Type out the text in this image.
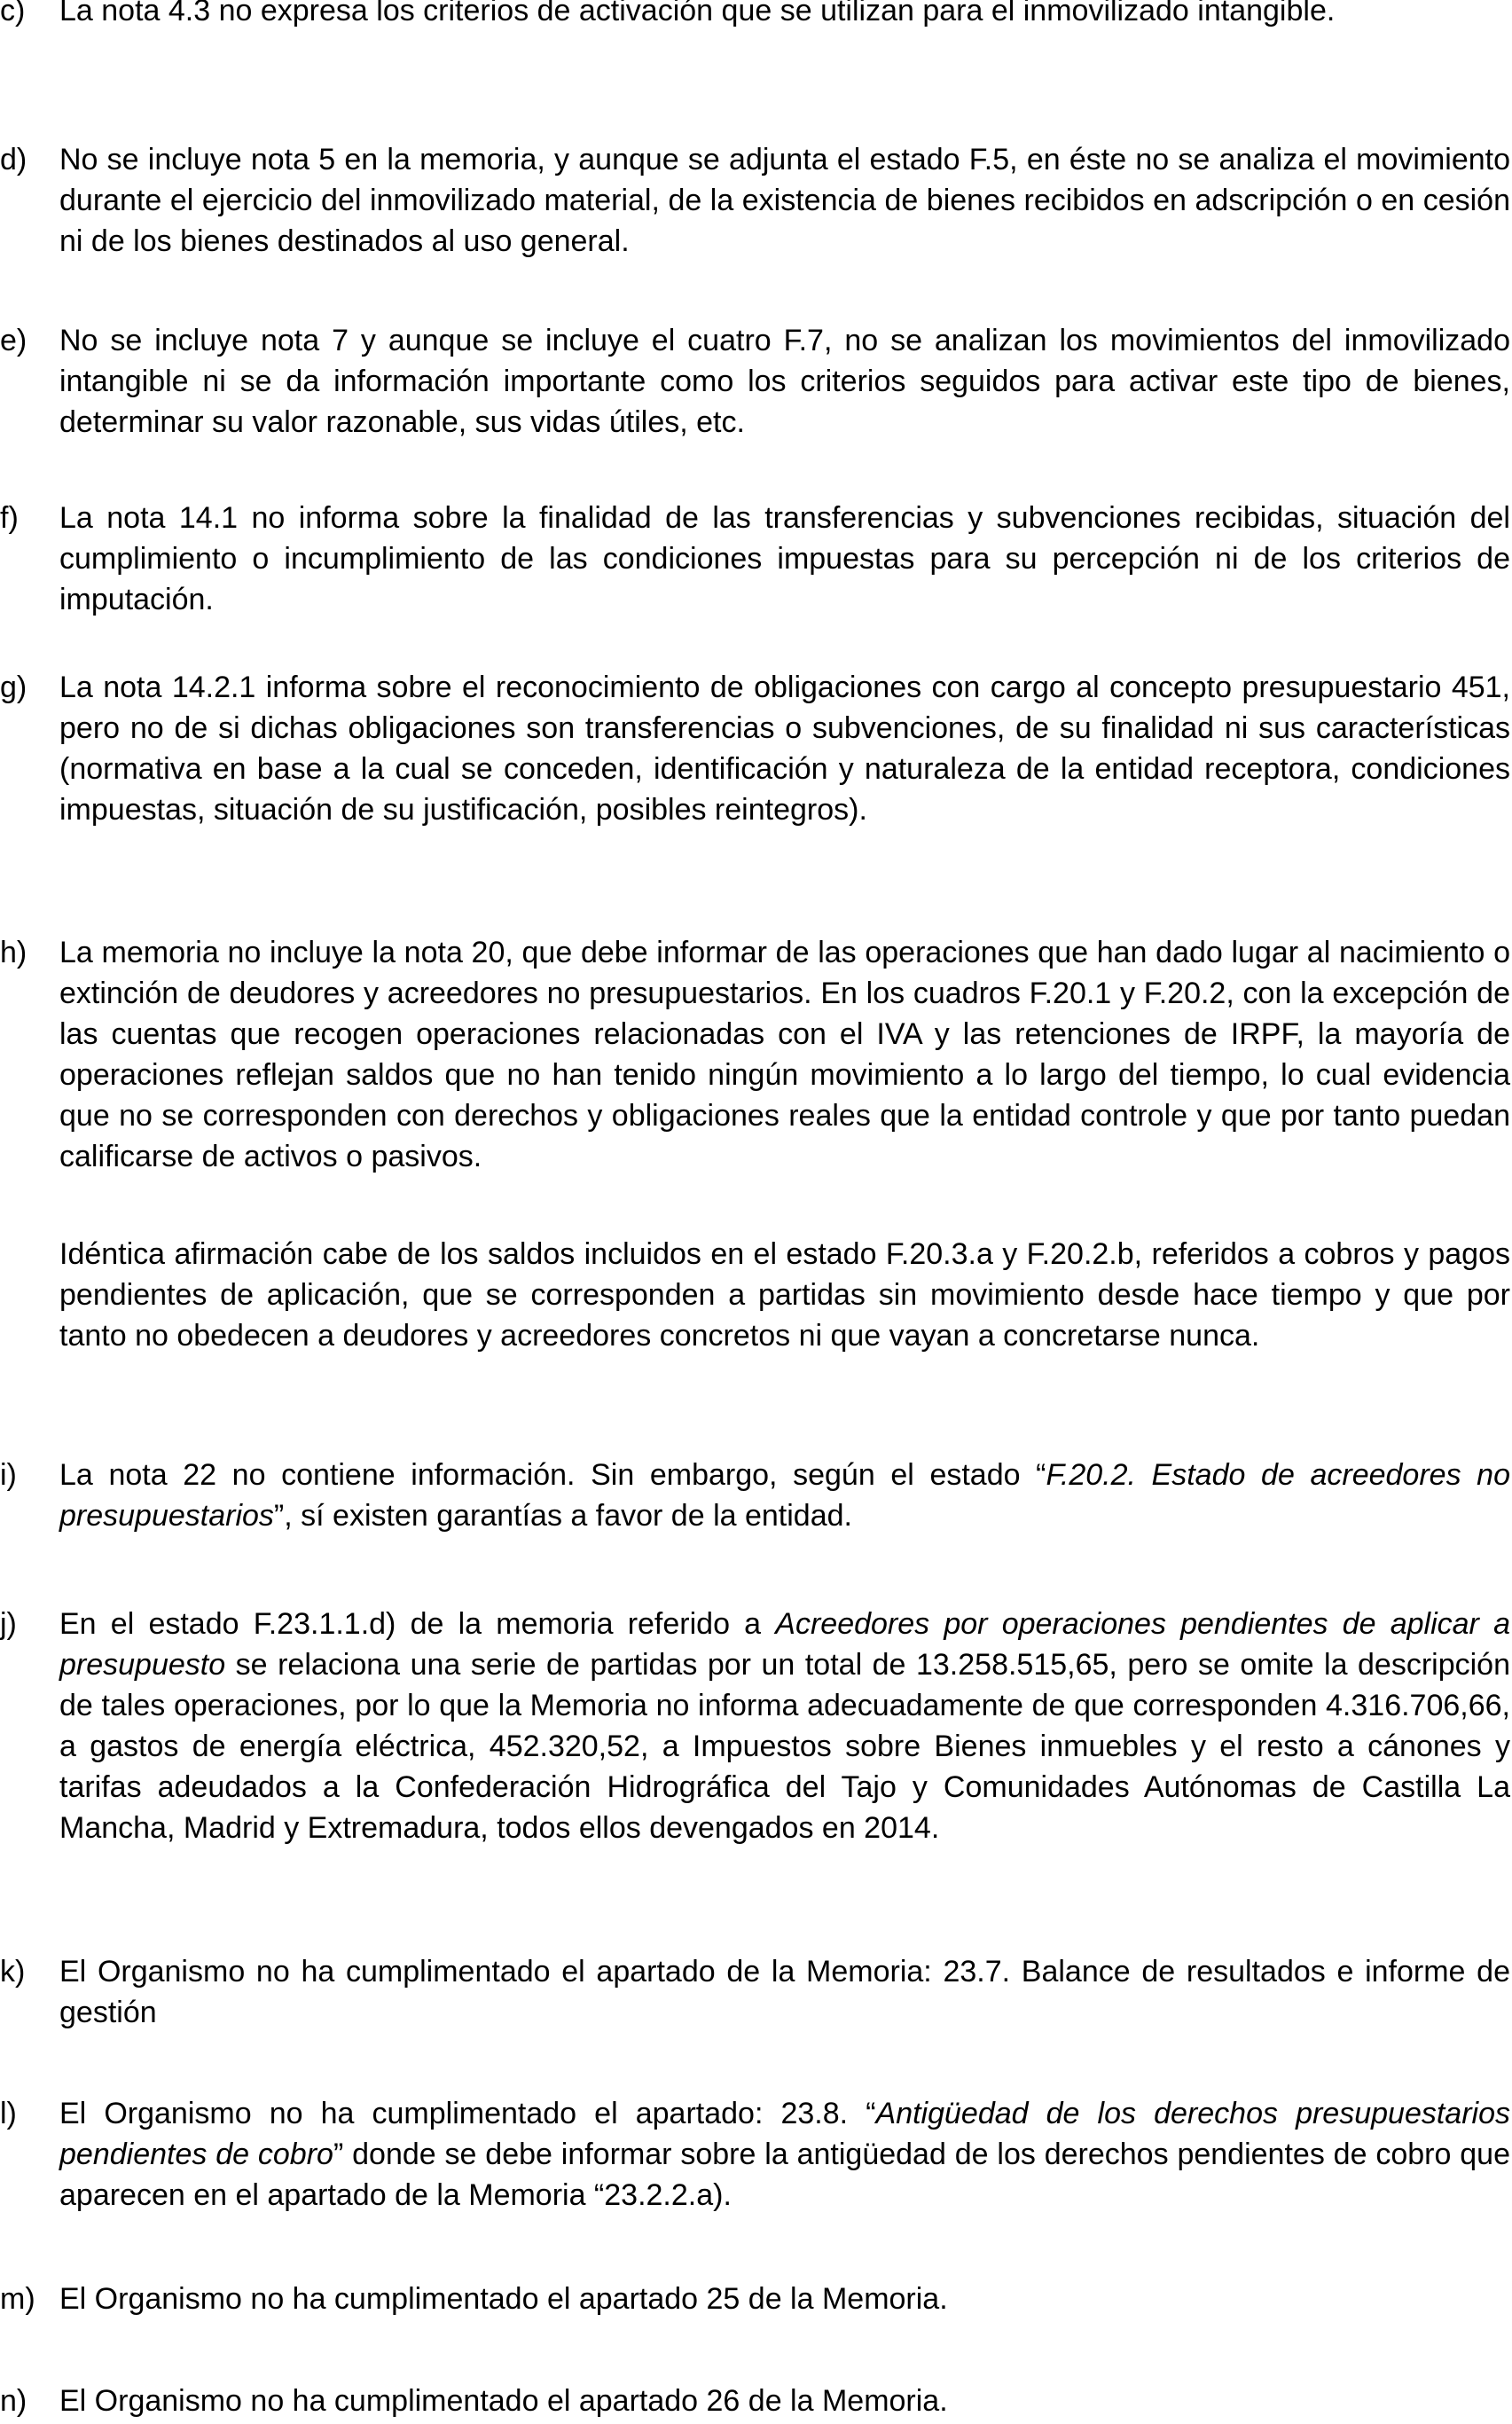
c) La nota 4.3 no expresa los criterios de activación que se utilizan para el inmovilizado intangible.

d) No se incluye nota 5 en la memoria, y aunque se adjunta el estado F.5, en éste no se analiza el movimiento durante el ejercicio del inmovilizado material, de la existencia de bienes recibidos en adscripción o en cesión ni de los bienes destinados al uso general.

e) No se incluye nota 7 y aunque se incluye el cuatro F.7, no se analizan los movimientos del inmovilizado intangible ni se da información importante como los criterios seguidos para activar este tipo de bienes, determinar su valor razonable, sus vidas útiles, etc.

f) La nota 14.1 no informa sobre la finalidad de las transferencias y subvenciones recibidas, situación del cumplimiento o incumplimiento de las condiciones impuestas para su percepción ni de los criterios de imputación.

g) La nota 14.2.1 informa sobre el reconocimiento de obligaciones con cargo al concepto presupuestario 451, pero no de si dichas obligaciones son transferencias o subvenciones, de su finalidad ni sus características (normativa en base a la cual se conceden, identificación y naturaleza de la entidad receptora, condiciones impuestas, situación de su justificación, posibles reintegros).

h) La memoria no incluye la nota 20, que debe informar de las operaciones que han dado lugar al nacimiento o extinción de deudores y acreedores no presupuestarios. En los cuadros F.20.1 y F.20.2, con la excepción de las cuentas que recogen operaciones relacionadas con el IVA y las retenciones de IRPF, la mayoría de operaciones reflejan saldos que no han tenido ningún movimiento a lo largo del tiempo, lo cual evidencia que no se corresponden con derechos y obligaciones reales que la entidad controle y que por tanto puedan calificarse de activos o pasivos.

Idéntica afirmación cabe de los saldos incluidos en el estado F.20.3.a y F.20.2.b, referidos a cobros y pagos pendientes de aplicación, que se corresponden a partidas sin movimiento desde hace tiempo y que por tanto no obedecen a deudores y acreedores concretos ni que vayan a concretarse nunca.

i) La nota 22 no contiene información. Sin embargo, según el estado “F.20.2. Estado de acreedores no presupuestarios”, sí existen garantías a favor de la entidad.

j) En el estado F.23.1.1.d) de la memoria referido a Acreedores por operaciones pendientes de aplicar a presupuesto se relaciona una serie de partidas por un total de 13.258.515,65, pero se omite la descripción de tales operaciones, por lo que la Memoria no informa adecuadamente de que corresponden 4.316.706,66, a gastos de energía eléctrica, 452.320,52, a Impuestos sobre Bienes inmuebles y el resto a cánones y tarifas adeudados a la Confederación Hidrográfica del Tajo y Comunidades Autónomas de Castilla La Mancha, Madrid y Extremadura, todos ellos devengados en 2014.

k) El Organismo no ha cumplimentado el apartado de la Memoria: 23.7. Balance de resultados e informe de gestión

l) El Organismo no ha cumplimentado el apartado: 23.8. “Antigüedad de los derechos presupuestarios pendientes de cobro” donde se debe informar sobre la antigüedad de los derechos pendientes de cobro que aparecen en el apartado de la Memoria “23.2.2.a).

m) El Organismo no ha cumplimentado el apartado 25 de la Memoria.

n) El Organismo no ha cumplimentado el apartado 26 de la Memoria.
